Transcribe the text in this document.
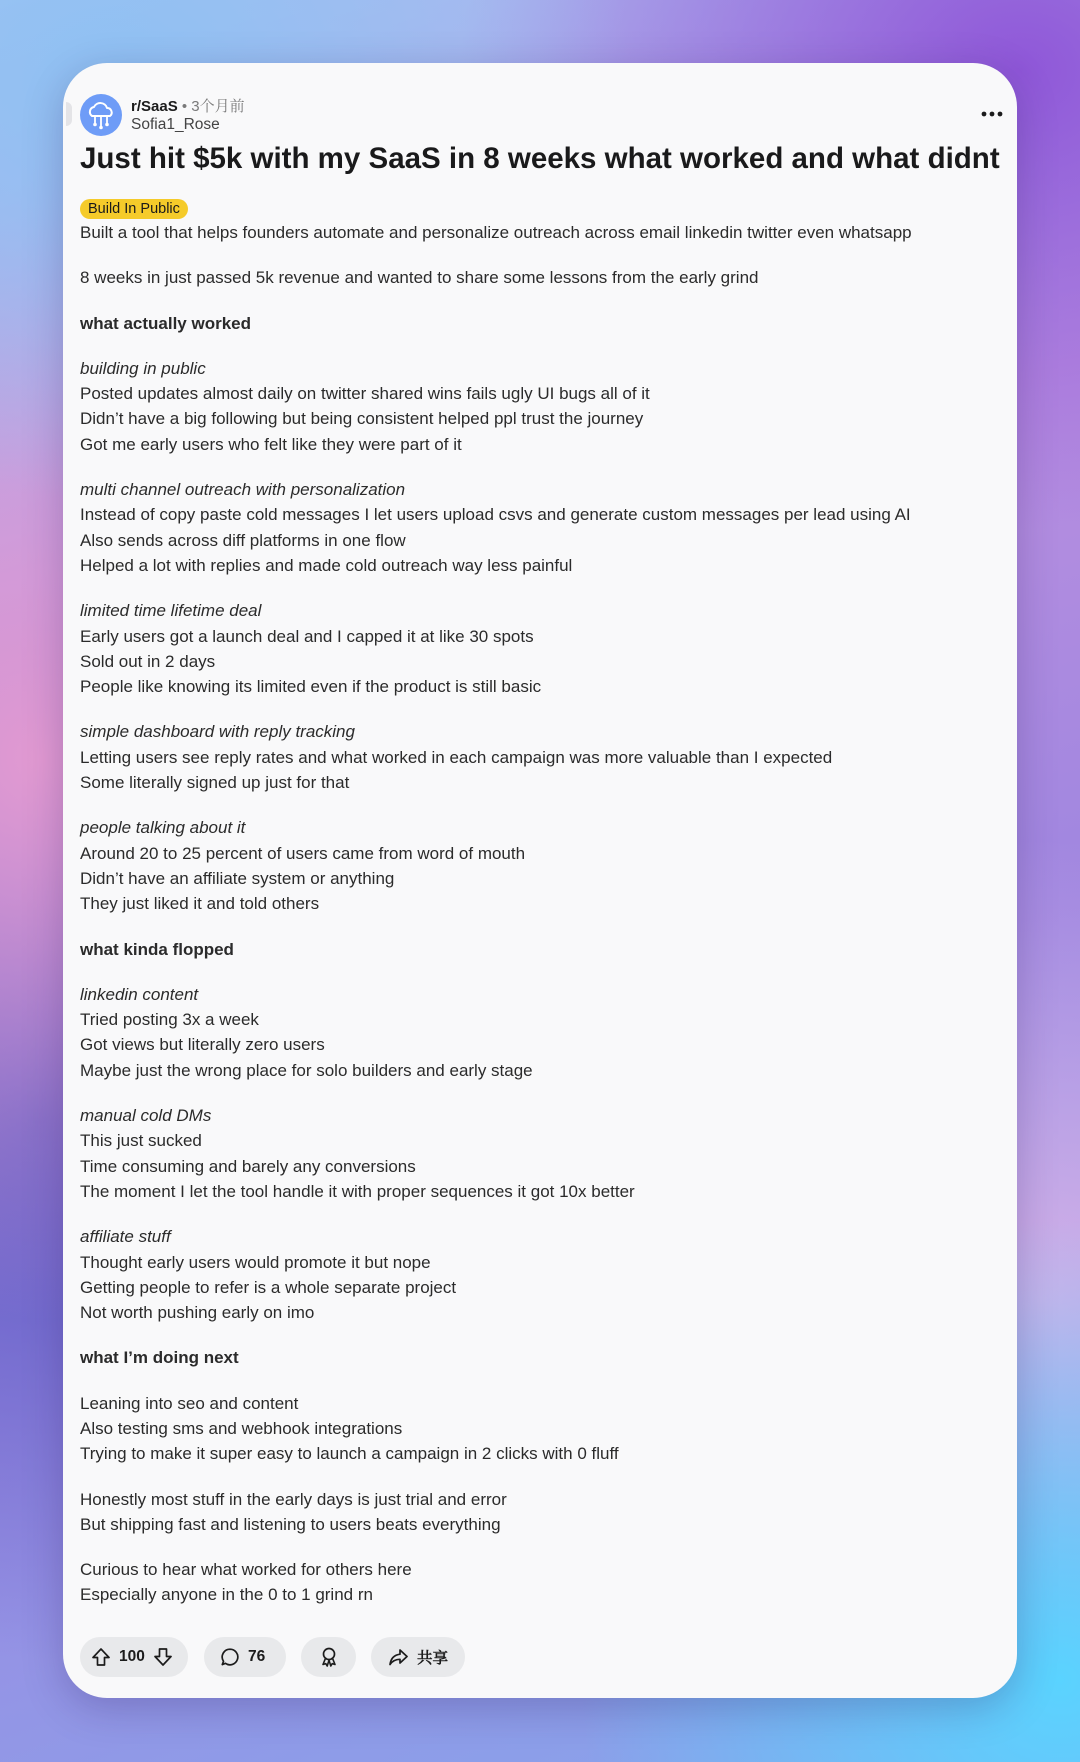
r/SaaS • 3个月前
Sofia1_Rose
Just hit $5k with my SaaS in 8 weeks what worked and what didnt
Build In Public

Built a tool that helps founders automate and personalize outreach across email linkedin twitter even whatsapp

8 weeks in just passed 5k revenue and wanted to share some lessons from the early grind

what actually worked

building in public
Posted updates almost daily on twitter shared wins fails ugly UI bugs all of it
Didn’t have a big following but being consistent helped ppl trust the journey
Got me early users who felt like they were part of it

multi channel outreach with personalization
Instead of copy paste cold messages I let users upload csvs and generate custom messages per lead using AI
Also sends across diff platforms in one flow
Helped a lot with replies and made cold outreach way less painful

limited time lifetime deal
Early users got a launch deal and I capped it at like 30 spots
Sold out in 2 days
People like knowing its limited even if the product is still basic

simple dashboard with reply tracking
Letting users see reply rates and what worked in each campaign was more valuable than I expected
Some literally signed up just for that

people talking about it
Around 20 to 25 percent of users came from word of mouth
Didn’t have an affiliate system or anything
They just liked it and told others

what kinda flopped

linkedin content
Tried posting 3x a week
Got views but literally zero users
Maybe just the wrong place for solo builders and early stage

manual cold DMs
This just sucked
Time consuming and barely any conversions
The moment I let the tool handle it with proper sequences it got 10x better

affiliate stuff
Thought early users would promote it but nope
Getting people to refer is a whole separate project
Not worth pushing early on imo

what I’m doing next

Leaning into seo and content
Also testing sms and webhook integrations
Trying to make it super easy to launch a campaign in 2 clicks with 0 fluff

Honestly most stuff in the early days is just trial and error
But shipping fast and listening to users beats everything

Curious to hear what worked for others here
Especially anyone in the 0 to 1 grind rn

100	76	共享
